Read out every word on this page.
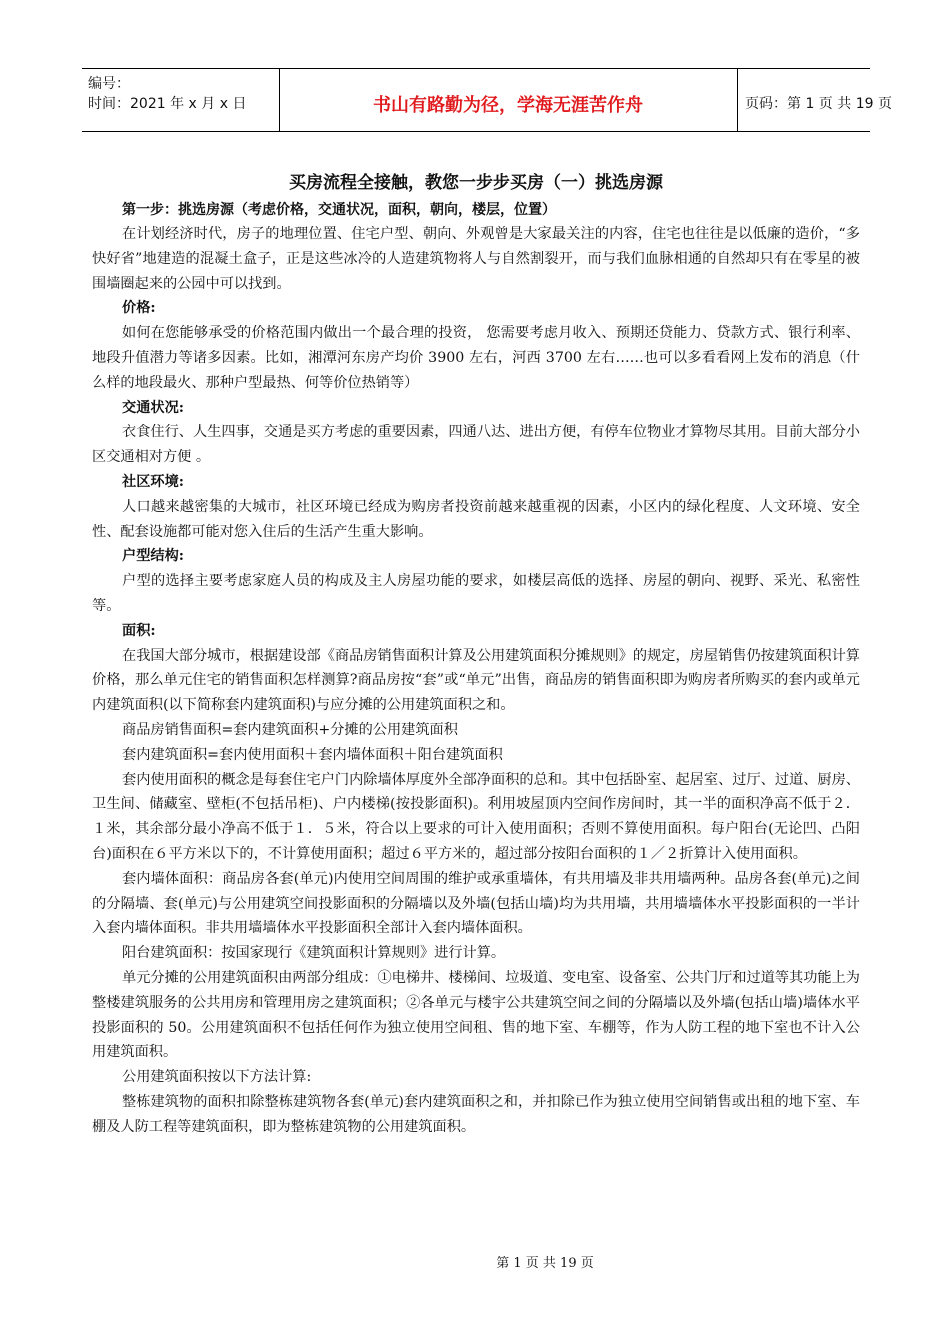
编号：
时间：2021 年 x 月 x 日	书山有路勤为径，学海无涯苦作舟	页码：第 1 页 共 19 页
买房流程全接触，教您一步步买房（一）挑选房源
第一步：挑选房源（考虑价格，交通状况，面积，朝向，楼层，位置）

在计划经济时代，房子的地理位置、住宅户型、朝向、外观曾是大家最关注的内容，住宅也往往是以低廉的造价，“多快好省”地建造的混凝土盒子，正是这些冰冷的人造建筑物将人与自然割裂开，而与我们血脉相通的自然却只有在零星的被围墙圈起来的公园中可以找到。

价格:

如何在您能够承受的价格范围内做出一个最合理的投资， 您需要考虑月收入、预期还贷能力、贷款方式、银行利率、地段升值潜力等诸多因素。比如，湘潭河东房产均价 3900 左右，河西 3700 左右……也可以多看看网上发布的消息（什么样的地段最火、那种户型最热、何等价位热销等）

交通状况:

衣食住行、人生四事，交通是买方考虑的重要因素，四通八达、进出方便，有停车位物业才算物尽其用。目前大部分小区交通相对方便 。

社区环境:

人口越来越密集的大城市，社区环境已经成为购房者投资前越来越重视的因素，小区内的绿化程度、人文环境、安全性、配套设施都可能对您入住后的生活产生重大影响。

户型结构:

户型的选择主要考虑家庭人员的构成及主人房屋功能的要求，如楼层高低的选择、房屋的朝向、视野、采光、私密性等。

面积:

在我国大部分城市，根据建设部《商品房销售面积计算及公用建筑面积分摊规则》的规定，房屋销售仍按建筑面积计算价格，那么单元住宅的销售面积怎样测算?商品房按“套”或“单元”出售，商品房的销售面积即为购房者所购买的套内或单元内建筑面积(以下简称套内建筑面积)与应分摊的公用建筑面积之和。

商品房销售面积=套内建筑面积+分摊的公用建筑面积

套内建筑面积=套内使用面积＋套内墙体面积＋阳台建筑面积

套内使用面积的概念是每套住宅户门内除墙体厚度外全部净面积的总和。其中包括卧室、起居室、过厅、过道、厨房、卫生间、储藏室、壁柜(不包括吊柜)、户内楼梯(按投影面积)。利用坡屋顶内空间作房间时，其一半的面积净高不低于２．１米，其余部分最小净高不低于１．５米，符合以上要求的可计入使用面积；否则不算使用面积。每户阳台(无论凹、凸阳台)面积在６平方米以下的，不计算使用面积；超过６平方米的，超过部分按阳台面积的１／２折算计入使用面积。

套内墙体面积：商品房各套(单元)内使用空间周围的维护或承重墙体，有共用墙及非共用墙两种。品房各套(单元)之间的分隔墙、套(单元)与公用建筑空间投影面积的分隔墙以及外墙(包括山墙)均为共用墙，共用墙墙体水平投影面积的一半计入套内墙体面积。非共用墙墙体水平投影面积全部计入套内墙体面积。

阳台建筑面积：按国家现行《建筑面积计算规则》进行计算。

单元分摊的公用建筑面积由两部分组成：①电梯井、楼梯间、垃圾道、变电室、设备室、公共门厅和过道等其功能上为整楼建筑服务的公共用房和管理用房之建筑面积；②各单元与楼宇公共建筑空间之间的分隔墙以及外墙(包括山墙)墙体水平投影面积的 50。公用建筑面积不包括任何作为独立使用空间租、售的地下室、车棚等，作为人防工程的地下室也不计入公用建筑面积。

公用建筑面积按以下方法计算:

整栋建筑物的面积扣除整栋建筑物各套(单元)套内建筑面积之和，并扣除已作为独立使用空间销售或出租的地下室、车棚及人防工程等建筑面积，即为整栋建筑物的公用建筑面积。

第 1 页 共 19 页
